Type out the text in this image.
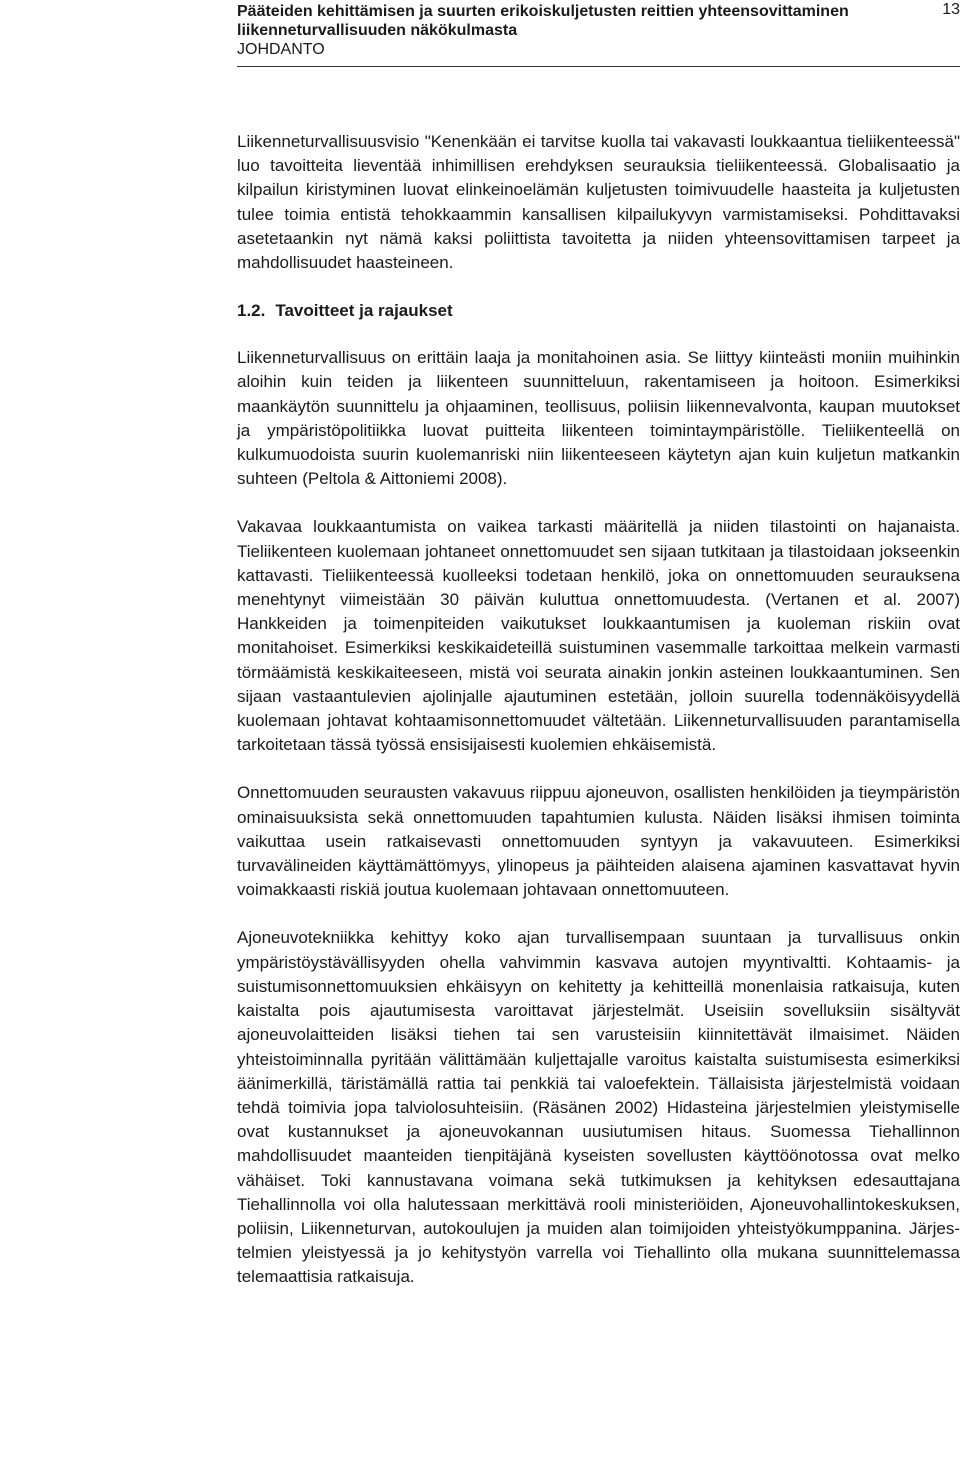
Pääteiden kehittämisen ja suurten erikoiskuljetusten reittien yhteensovittaminen liikenneturvallisuuden näkökulmasta

JOHDANTO

13

Liikenneturvallisuusvisio "Kenenkään ei tarvitse kuolla tai vakavasti loukkaantua tieliikenteessä" luo tavoitteita lieventää inhimillisen erehdyksen seurauksia tieliikenteessä. Globalisaatio ja kilpailun kiristyminen luovat elinkeinoelämän kuljetusten toimivuudelle haasteita ja kuljetusten tulee toimia entistä tehokkaammin kansallisen kilpailukyvyn varmistamiseksi. Pohdittavaksi asetetaankin nyt nämä kaksi poliittista tavoitetta ja niiden yhteensovittamisen tarpeet ja mahdollisuudet haasteineen.

1.2. Tavoitteet ja rajaukset

Liikenneturvallisuus on erittäin laaja ja monitahoinen asia. Se liittyy kiinteästi moniin muihinkin aloihin kuin teiden ja liikenteen suunnitteluun, rakentamiseen ja hoitoon. Esimerkiksi maankäytön suunnittelu ja ohjaaminen, teollisuus, poliisin liikennevalvonta, kaupan muutokset ja ympäristöpolitiikka luovat puitteita liikenteen toimintaympäristölle. Tieliikenteellä on kulkumuodoista suurin kuolemanriski niin liikenteeseen käytetyn ajan kuin kuljetun matkankin suhteen (Peltola & Aittoniemi 2008).

Vakavaa loukkaantumista on vaikea tarkasti määritellä ja niiden tilastointi on hajanaista. Tieliikenteen kuolemaan johtaneet onnettomuudet sen sijaan tutkitaan ja tilastoidaan jokseenkin kattavasti. Tieliikenteessä kuolleeksi todetaan henkilö, joka on onnettomuuden seurauksena menehtynyt viimeistään 30 päivän kuluttua onnettomuudesta. (Vertanen et al. 2007) Hankkeiden ja toimenpiteiden vaikutukset loukkaantumisen ja kuoleman riskiin ovat monitahoiset. Esimerkiksi keskikaideteillä suistuminen vasemmalle tarkoittaa melkein varmasti törmäämistä keskikaiteeseen, mistä voi seurata ainakin jonkin asteinen loukkaantuminen. Sen sijaan vastaantulevien ajolinjalle ajautuminen estetään, jolloin suurella todennäköisyydellä kuolemaan johtavat kohtaamisonnettomuudet vältetään. Liikenneturvallisuuden parantamisella tarkoitetaan tässä työssä ensisijaisesti kuolemien ehkäisemistä.

Onnettomuuden seurausten vakavuus riippuu ajoneuvon, osallisten henkilöiden ja tieympäristön ominaisuuksista sekä onnettomuuden tapahtumien kulusta. Näiden lisäksi ihmisen toiminta vaikuttaa usein ratkaisevasti onnettomuuden syntyyn ja vakavuuteen. Esimerkiksi turvavälineiden käyttämättömyys, ylinopeus ja päihteiden alaisena ajaminen kasvattavat hyvin voimakkaasti riskiä joutua kuolemaan johtavaan onnettomuuteen.

Ajoneuvotekniikka kehittyy koko ajan turvallisempaan suuntaan ja turvallisuus onkin ympäristöystävällisyyden ohella vahvimmin kasvava autojen myyntivaltti. Kohtaamis- ja suistumisonnettomuuksien ehkäisyyn on kehitetty ja kehitteillä monenlaisia ratkaisuja, kuten kaistalta pois ajautumisesta varoittavat järjestelmät. Useisiin sovelluksiin sisältyvät ajoneuvolaitteiden lisäksi tiehen tai sen varusteisiin kiinnitettävät ilmaisimet. Näiden yhteistoiminnalla pyritään välittämään kuljettajalle varoitus kaistalta suistumisesta esimerkiksi äänimerkillä, täristämällä rattia tai penkkiä tai valoefektein. Tällaisista järjestelmistä voidaan tehdä toimivia jopa talviolosuhteisiin. (Räsänen 2002) Hidasteina järjestelmien yleistymiselle ovat kustannukset ja ajoneuvokannan uusiutumisen hitaus. Suomessa Tiehallinnon mahdollisuudet maanteiden tienpitäjänä kyseisten sovellusten käyttöönotossa ovat melko vähäiset. Toki kannustavana voimana sekä tutkimuksen ja kehityksen edesauttajana Tiehallinnolla voi olla halutessaan merkittävä rooli ministeriöiden, Ajoneuvohallintokeskuksen, poliisin, Liikenneturvan, autokoulujen ja muiden alan toimijoiden yhteistyökumppanina. Järjestelmien yleistyessä ja jo kehitystyön varrella voi Tiehallinto olla mukana suunnittelemassa telemaattisia ratkaisuja.
